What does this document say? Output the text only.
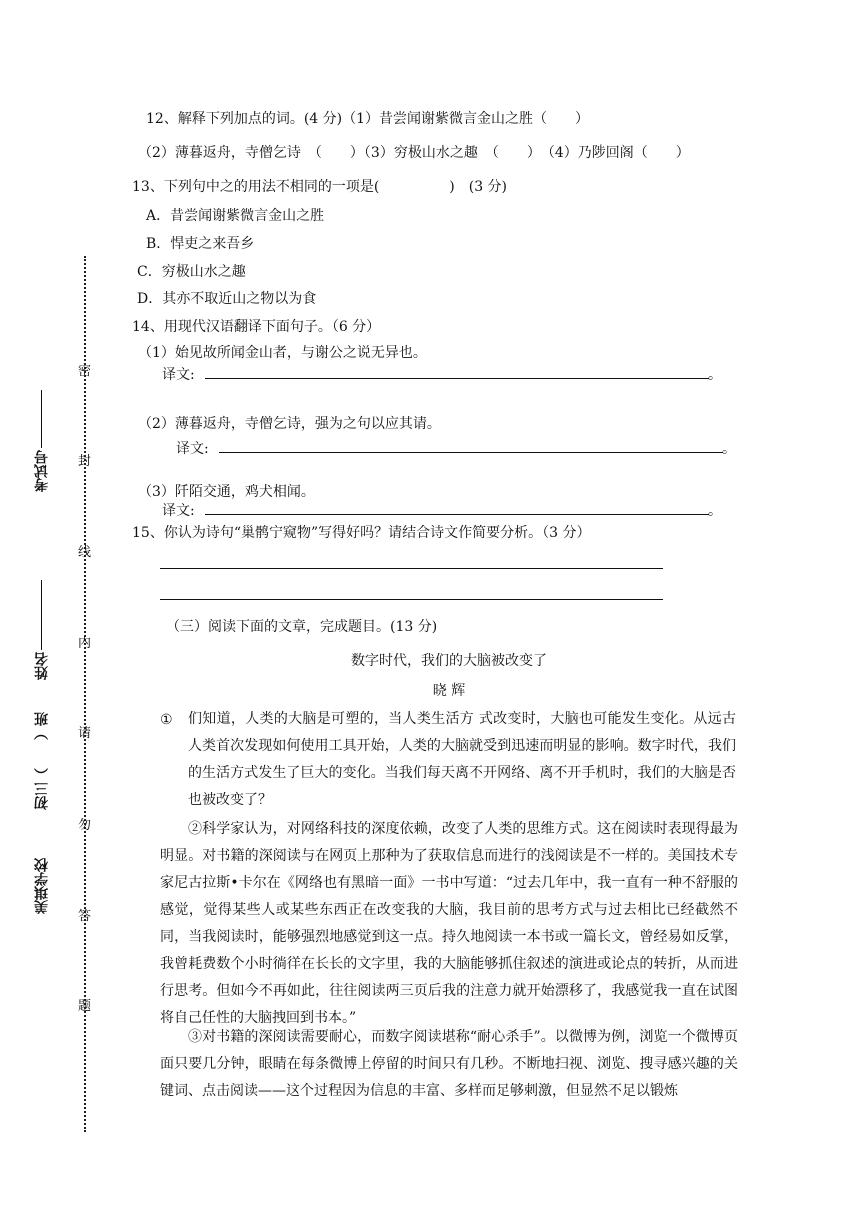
密
封
线
内
请
勿
答
题
美琪学校
初三（　　）班
姓名
考试号
12、解释下列加点的词。(4 分)（1）昔尝闻谢紫微言金山之胜（　　）
（2）薄暮返舟，寺僧乞诗　（　　）（3）穷极山水之趣　（　　）　（4）乃陟回阁（　　）
13、下列句中之的用法不相同的一项是(　　　　　)　(3 分)
A．昔尝闻谢紫微言金山之胜
B．悍吏之来吾乡
C．穷极山水之趣
D．其亦不取近山之物以为食
14、用现代汉语翻译下面句子。（6 分）
（1）始见故所闻金山者，与谢公之说无异也。
译文:	。
（2）薄暮返舟，寺僧乞诗，强为之句以应其请。
译文:	。
（3）阡陌交通，鸡犬相闻。
译文:	。
15、你认为诗句“巢鹘宁窥物”写得好吗？请结合诗文作简要分析。（3 分）
（三）阅读下面的文章，完成题目。(13 分)
数字时代，我们的大脑被改变了
晓 辉
① 们知道，人类的大脑是可塑的，当人类生活方 式改变时，大脑也可能发生变化。从远古人类首次发现如何使用工具开始，人类的大脑就受到迅速而明显的影响。数字时代，我们的生活方式发生了巨大的变化。当我们每天离不开网络、离不开手机时，我们的大脑是否也被改变了？
②科学家认为，对网络科技的深度依赖，改变了人类的思维方式。这在阅读时表现得最为明显。对书籍的深阅读与在网页上那种为了获取信息而进行的浅阅读是不一样的。美国技术专家尼古拉斯•卡尔在《网络也有黑暗一面》一书中写道：“过去几年中，我一直有一种不舒服的感觉，觉得某些人或某些东西正在改变我的大脑，我目前的思考方式与过去相比已经截然不同，当我阅读时，能够强烈地感觉到这一点。持久地阅读一本书或一篇长文，曾经易如反掌，我曾耗费数个小时徜徉在长长的文字里，我的大脑能够抓住叙述的演进或论点的转折，从而进行思考。但如今不再如此，往往阅读两三页后我的注意力就开始漂移了，我感觉我一直在试图将自己任性的大脑拽回到书本。”
③对书籍的深阅读需要耐心，而数字阅读堪称“耐心杀手”。以微博为例，浏览一个微博页面只要几分钟，眼睛在每条微博上停留的时间只有几秒。不断地扫视、浏览、搜寻感兴趣的关键词、点击阅读——这个过程因为信息的丰富、多样而足够刺激，但显然不足以锻炼
